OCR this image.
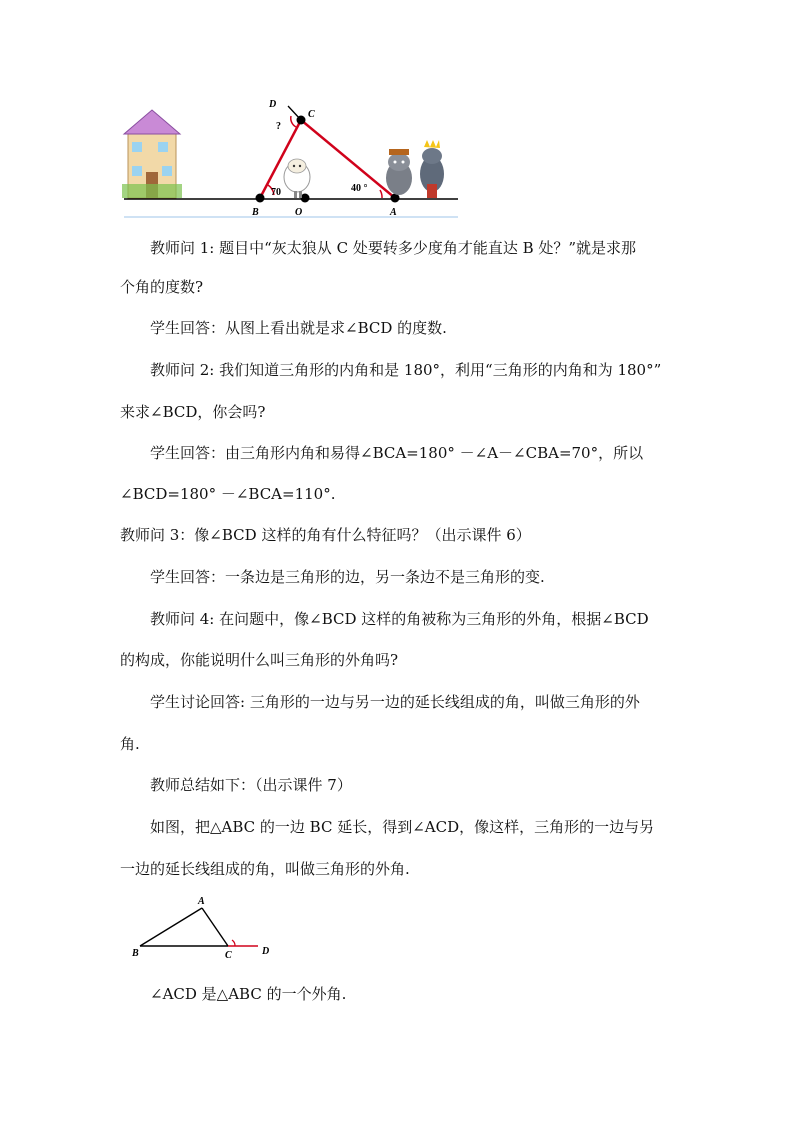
D
C
?
70	40 °
B	O	A
教师问 1: 题目中“灰太狼从 C 处要转多少度角才能直达 B 处？”就是求那
个角的度数?
学生回答：从图上看出就是求∠BCD 的度数.
教师问 2: 我们知道三角形的内角和是 180°，利用“三角形的内角和为 180°”
来求∠BCD，你会吗?
学生回答：由三角形内角和易得∠BCA=180° －∠A－∠CBA=70°，所以
∠BCD=180° －∠BCA=110°.
教师问 3：像∠BCD 这样的角有什么特征吗？（出示课件 6）
学生回答：一条边是三角形的边，另一条边不是三角形的变.
教师问 4: 在问题中，像∠BCD 这样的角被称为三角形的外角，根据∠BCD
的构成，你能说明什么叫三角形的外角吗?
学生讨论回答: 三角形的一边与另一边的延长线组成的角，叫做三角形的外
角.
教师总结如下：（出示课件 7）
如图，把△ABC 的一边 BC 延长，得到∠ACD，像这样，三角形的一边与另
一边的延长线组成的角，叫做三角形的外角.
A
B	C	D
∠ACD 是△ABC 的一个外角.
